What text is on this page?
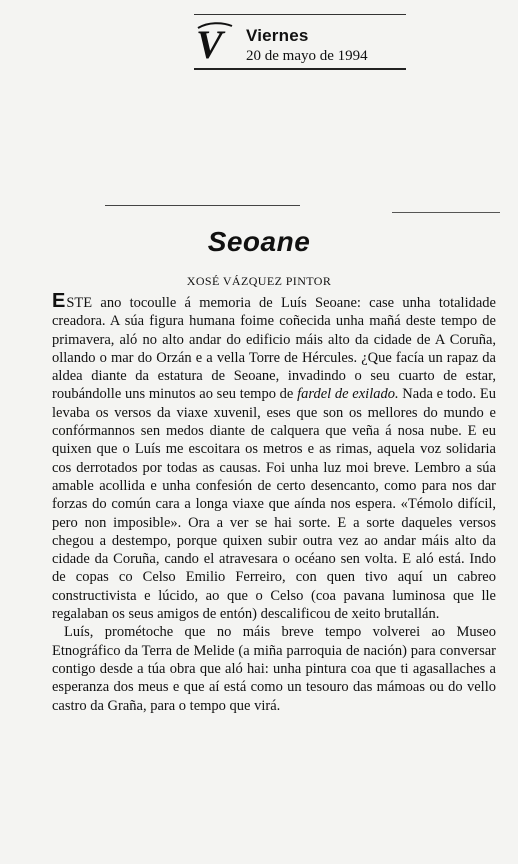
V Viernes
20 de mayo de 1994
Seoane
XOSÉ VÁZQUEZ PINTOR

ESTE ano tocoulle á memoria de Luís Seoane: case unha totalidade creadora. A súa figura humana foime coñecida unha mañá deste tempo de primavera, aló no alto andar do edificio máis alto da cidade de A Coruña, ollando o mar do Orzán e a vella Torre de Hércules. ¿Que facía un rapaz da aldea diante da estatura de Seoane, invadindo o seu cuarto de estar, roubándolle uns minutos ao seu tempo de fardel de exilado. Nada e todo. Eu levaba os versos da viaxe xuvenil, eses que son os mellores do mundo e confórmannos sen medos diante de calquera que veña á nosa nube. E eu quixen que o Luís me escoitara os metros e as rimas, aquela voz solidaria cos derrotados por todas as causas. Foi unha luz moi breve. Lembro a súa amable acollida e unha confesión de certo desencanto, como para nos dar forzas do común cara a longa viaxe que aínda nos espera. «Témolo difícil, pero non imposible». Ora a ver se hai sorte. E a sorte daqueles versos chegou a destempo, porque quixen subir outra vez ao andar máis alto da cidade da Coruña, cando el atravesara o océano sen volta. E aló está. Indo de copas co Celso Emilio Ferreiro, con quen tivo aquí un cabreo constructivista e lúcido, ao que o Celso (coa pavana luminosa que lle regalaban os seus amigos de entón) descalificou de xeito brutallán.

Luís, prométoche que no máis breve tempo volverei ao Museo Etnográfico da Terra de Melide (a miña parroquia de nación) para conversar contigo desde a túa obra que aló hai: unha pintura coa que ti agasallaches a esperanza dos meus e que aí está como un tesouro das mámoas ou do vello castro da Graña, para o tempo que virá.
